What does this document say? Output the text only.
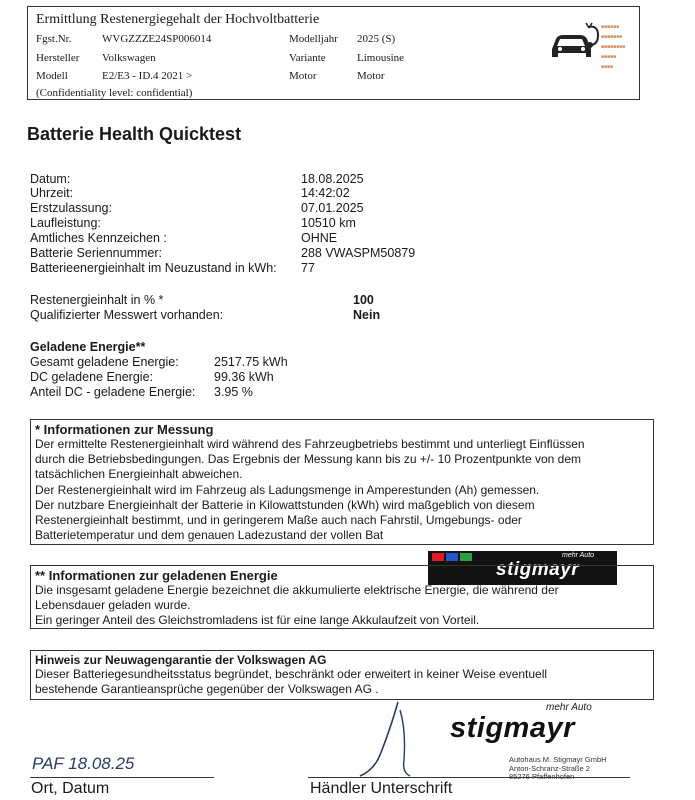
Ermittlung Restenergiegehalt der Hochvoltbatterie
Fgst.Nr.	WVGZZZE24SP006014	Modelljahr 2025 (S)
Hersteller Volkswagen	Variante	Limousine
Modell	E2/E3 - ID.4 2021 >	Motor	Motor
(Confidentiality level: confidential)
■■■■■■
■■■■■■■
■■■■■■■■
■■■■■
■■■■
Batterie Health Quicktest
Datum:	18.08.2025
Uhrzeit:	14:42:02
Erstzulassung:	07.01.2025
Laufleistung:	10510 km
Amtliches Kennzeichen :	OHNE
Batterie Seriennummer:	288 VWASPM50879
Batterieenergieinhalt im Neuzustand in kWh: 77
Restenergieinhalt in % *	100
Qualifizierter Messwert vorhanden:	Nein
Geladene Energie**
Gesamt geladene Energie:	2517.75 kWh
DC geladene Energie:	99.36 kWh
Anteil DC - geladene Energie: 3.95 %
* Informationen zur Messung
Der ermittelte Restenergieinhalt wird während des Fahrzeugbetriebs bestimmt und unterliegt Einflüssen
durch die Betriebsbedingungen. Das Ergebnis der Messung kann bis zu +/- 10 Prozentpunkte von dem
tatsächlichen Energieinhalt abweichen.
Der Restenergieinhalt wird im Fahrzeug als Ladungsmenge in Amperestunden (Ah) gemessen.
Der nutzbare Energieinhalt der Batterie in Kilowattstunden (kWh) wird maßgeblich von diesem
Restenergieinhalt bestimmt, und in geringerem Maße auch nach Fahrstil, Umgebungs- oder
Batterietemperatur und dem genauen Ladezustand der vollen Bat
mehr Auto
stigmayr
** Informationen zur geladenen Energie
Die insgesamt geladene Energie bezeichnet die akkumulierte elektrische Energie, die während der
Lebensdauer geladen wurde.
Ein geringer Anteil des Gleichstromladens ist für eine lange Akkulaufzeit von Vorteil.
Hinweis zur Neuwagengarantie der Volkswagen AG
Dieser Batteriegesundheitsstatus begründet, beschränkt oder erweitert in keiner Weise eventuell
bestehende Garantieansprüche gegenüber der Volkswagen AG .
mehr Auto
stigmayr
Autohaus M. Stigmayr GmbH
Anton-Schranz-Straße 2
PAF 18.08.25
Ort, Datum	Händler Unterschrift
